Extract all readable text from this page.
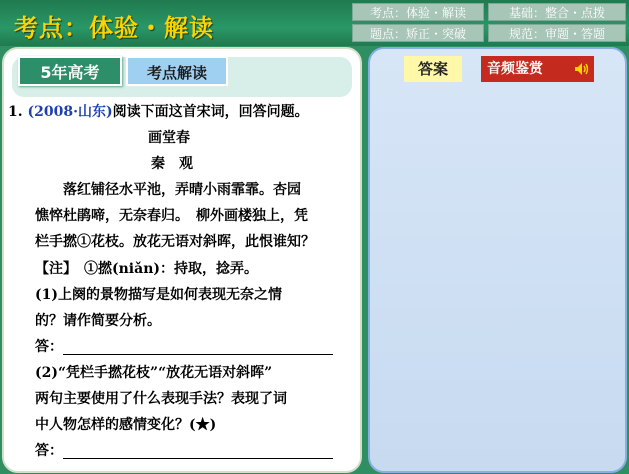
考点：体验・解读
考点：体验・解读	基础：整合・点拨
题点：矫正・突破	规范：审题・答题
5年高考	考点解读	答案	音频鉴赏
1. (2008·山东)阅读下面这首宋词，回答问题。
画堂春
秦　观
落红铺径水平池，弄晴小雨霏霏。杏园
憔悴杜鹃啼，无奈春归。　柳外画楼独上，凭
栏手撚①花枝。放花无语对斜晖，此恨谁知？
【注】　①撚(niǎn)：持取，捻弄。
(1)上阕的景物描写是如何表现无奈之情
的？请作简要分析。
答：
(2)“凭栏手撚花枝”“放花无语对斜晖”
两句主要使用了什么表现手法？表现了词
中人物怎样的感情变化？(★)
答：
